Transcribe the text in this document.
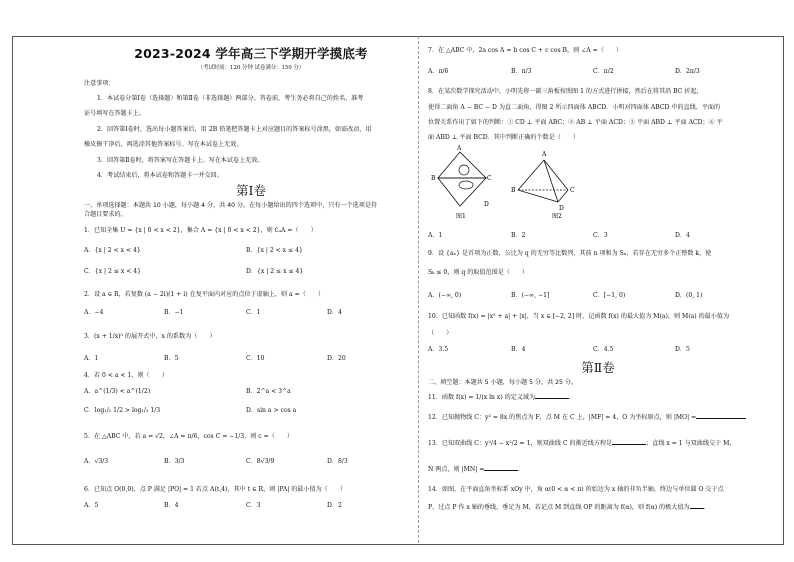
2023-2024 学年高三下学期开学摸底考
（考试时间：120 分钟 试卷满分：150 分）
注意事项：
1．本试卷分第Ⅰ卷（选择题）和第Ⅱ卷（非选择题）两部分。答卷前，考生务必将自己的姓名、准考
证号填写在答题卡上。
2．回答第Ⅰ卷时，选出每小题答案后，用 2B 铅笔把答题卡上对应题目的答案标号涂黑。如需改动，用
橡皮擦干净后，再选涂其他答案标号。写在本试卷上无效。
3．回答第Ⅱ卷时，将答案写在答题卡上。写在本试卷上无效。
4．考试结束后，将本试卷和答题卡一并交回。
第Ⅰ卷
一、单项选择题：本题共 10 小题，每小题 4 分，共 40 分。在每小题给出的四个选项中，只有一个选项是符
合题目要求的。
1．已知全集 U = {x | 0 < x < 2}，集合 A = {x | 0 < x < 2}，则 ∁ᵤA =（　　）
A．{x | 2 < x < 4}	B．{x | 2 < x ≤ 4}
C．{x | 2 ≤ x < 4}	D．{x | 2 ≤ x ≤ 4}
2．设 a ∈ R，若复数 (a − 2i)(1 + i) 在复平面内对应的点位于虚轴上，则 a =（　　）
A．−4	B．−1	C．1	D．4
3．(x + 1/x)⁵ 的展开式中，x 的系数为（　　）
A．1	B．5	C．10	D．20
4．若 0 < a < 1，则（　　）
A．a^(1/3) < a^(1/2)	B．2^a < 3^a
C．log₁/₂ 1/2 > log₁/₃ 1/3	D．sin a > cos a
5．在 △ABC 中，若 a = √2，∠A = π/6，cos C = −1/3，则 c =（　　）
A．√3/3	B．3/3	C．8√3/9	D．8/3
6．已知点 O(0,0)，点 P 满足 |PO| = 1 若点 A(t,4)，其中 t ∈ R，则 |PA| 的最小值为（　　）
A．5	B．4	C．3	D．2
7．在 △ABC 中，2a cos A = b cos C + c cos B，则 ∠A =（　　）
A．π/6	B．π/3	C．π/2	D．2π/3
8．在某次数学探究活动中，小明先将一副三角板按照图 1 的方式进行拼接，然后在将其沿 BC 折起，
使得二面角 A − BC − D 为直二面角，得图 2 所示四面体 ABCD．小明对四面体 ABCD 中的直线、平面的
位置关系作出了如下的判断：① CD ⊥ 平面 ABC；② AB ⊥ 平面 ACD；③ 平面 ABD ⊥ 平面 ACD；④ 平
面 ABD ⊥ 平面 BCD．其中判断正确的个数是（　　）
A
B	C
D
图1
A
B	C
D
图2
A．1	B．2	C．3	D．4
9．设 {aₙ} 是首项为正数，公比为 q 的无穷等比数列，其前 n 项和为 Sₙ，若存在无穷多个正整数 k，使
Sₖ ≤ 0，则 q 的取值范围是（　　）
A．(−∞, 0)	B．(−∞, −1]	C．[−1, 0)	D．(0, 1)
10．已知函数 f(x) = |x² + a| + |x|，当 x ∈ [−2, 2] 时，记函数 f(x) 的最大值为 M(a)，则 M(a) 的最小值为
（　　）
A．3.5	B．4	C．4.5	D．5
第Ⅱ卷
二、填空题：本题共 5 小题，每小题 5 分，共 25 分。
11．函数 f(x) = 1/(x ln x) 的定义域为	．
12．已知抛物线 C：y² = 8x 的焦点为 F，点 M 在 C 上，|MF| = 4，O 为坐标原点，则 |MO| =
13．已知双曲线 C：y²/4 − x²/2 = 1，则双曲线 C 的渐近线方程是	；直线 x = 1 与双曲线交于 M，
N 两点，则 |MN| =	．
14．如图，在平面直角坐标系 xOy 中，角 α(0 < α < π) 的始边为 x 轴的非负半轴，终边与单位圆 O 交于点
P，过点 P 作 x 轴的垂线，垂足为 M，若记点 M 到直线 OP 的距离为 f(α)，则 f(α) 的极大值为 ．
